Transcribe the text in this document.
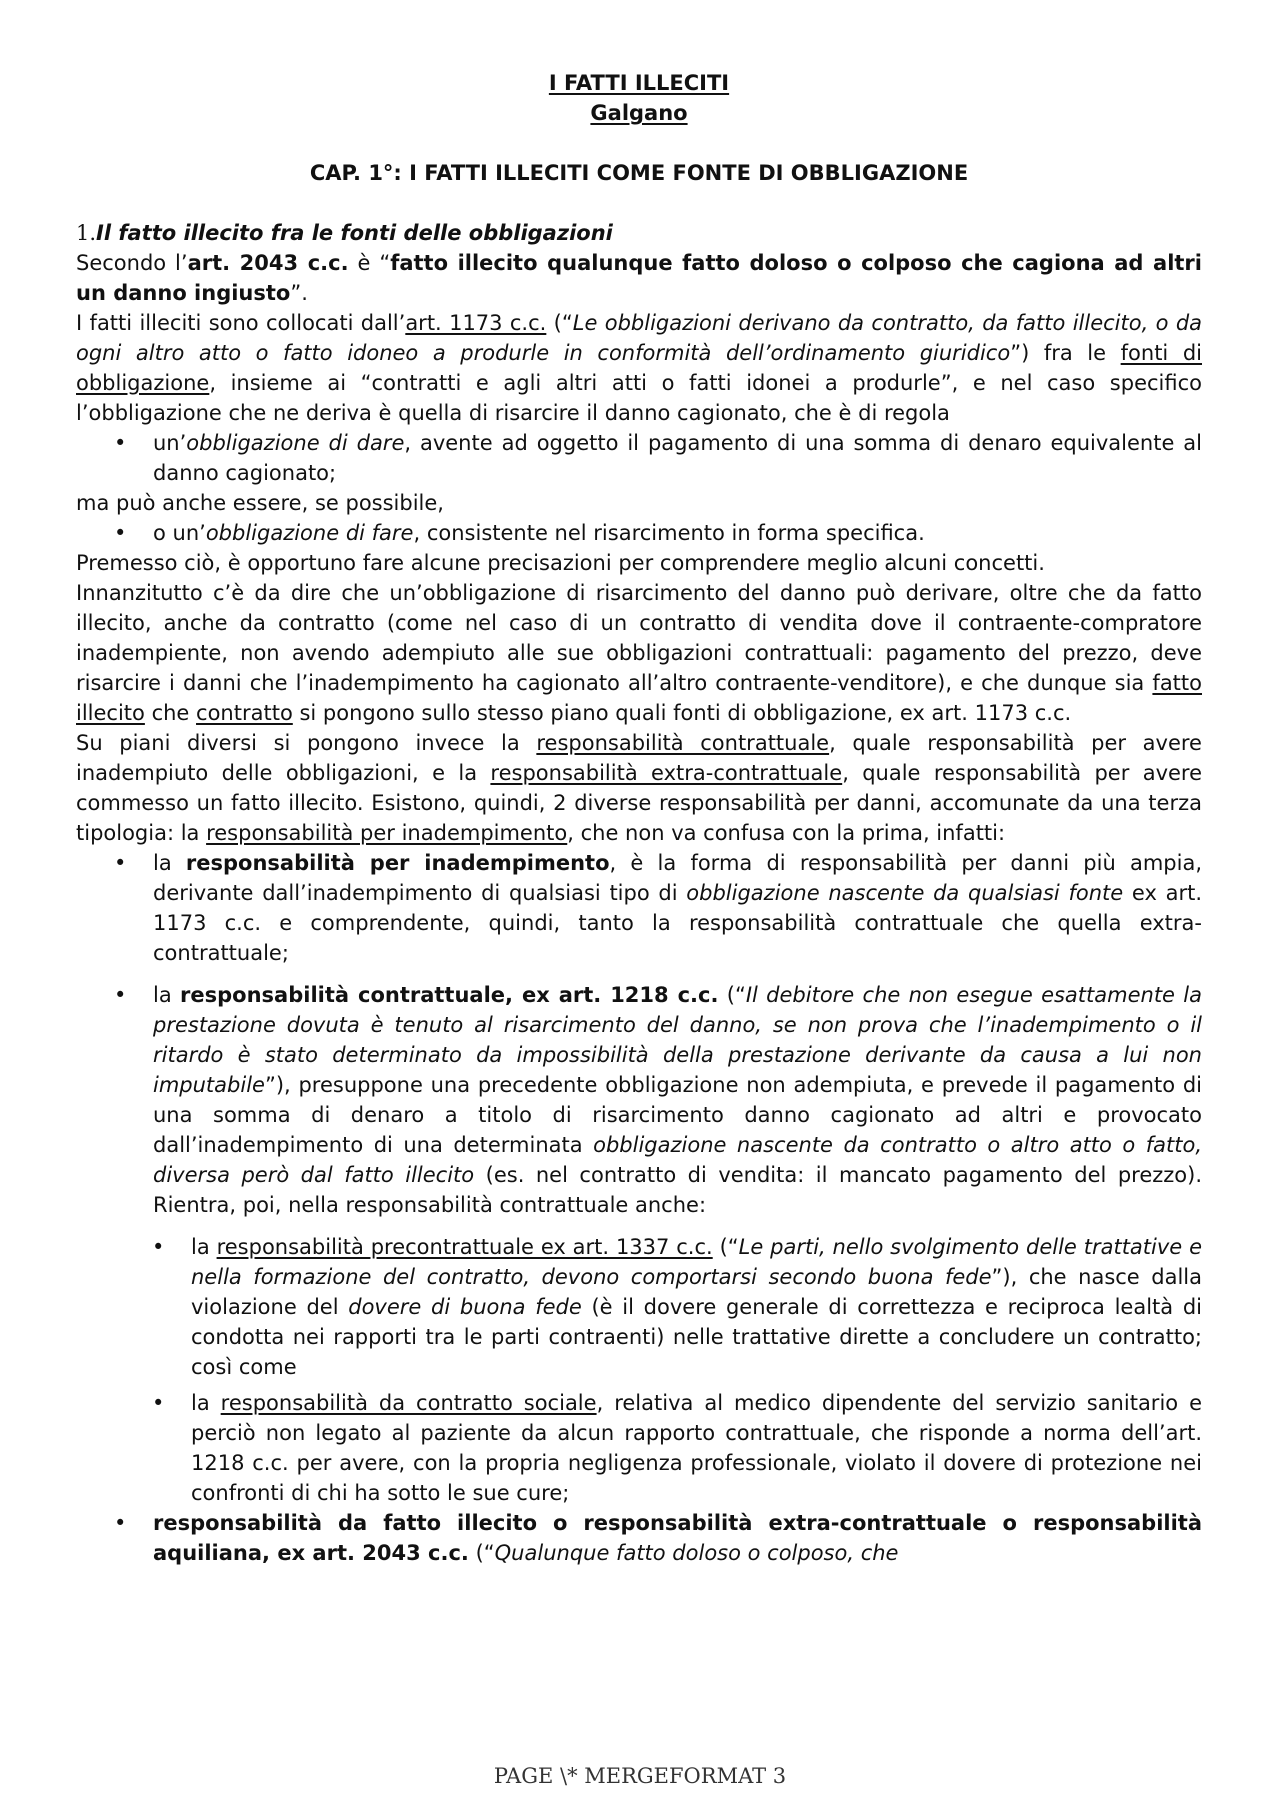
I FATTI ILLECITI
Galgano
CAP. 1°: I FATTI ILLECITI COME FONTE DI OBBLIGAZIONE

1.Il fatto illecito fra le fonti delle obbligazioni

Secondo l’art. 2043 c.c. è “fatto illecito qualunque fatto doloso o colposo che cagiona ad altri un danno ingiusto”.

I fatti illeciti sono collocati dall’art. 1173 c.c. (“Le obbligazioni derivano da contratto, da fatto illecito, o da ogni altro atto o fatto idoneo a produrle in conformità dell’ordinamento giuridico”) fra le fonti di obbligazione, insieme ai “contratti e agli altri atti o fatti idonei a produrle”, e nel caso specifico l’obbligazione che ne deriva è quella di risarcire il danno cagionato, che è di regola

• un’obbligazione di dare, avente ad oggetto il pagamento di una somma di denaro equivalente al danno cagionato;

ma può anche essere, se possibile,

• o un’obbligazione di fare, consistente nel risarcimento in forma specifica.

Premesso ciò, è opportuno fare alcune precisazioni per comprendere meglio alcuni concetti.

Innanzitutto c’è da dire che un’obbligazione di risarcimento del danno può derivare, oltre che da fatto illecito, anche da contratto (come nel caso di un contratto di vendita dove il contraente-compratore inadempiente, non avendo adempiuto alle sue obbligazioni contrattuali: pagamento del prezzo, deve risarcire i danni che l’inadempimento ha cagionato all’altro contraente-venditore), e che dunque sia fatto illecito che contratto si pongono sullo stesso piano quali fonti di obbligazione, ex art. 1173 c.c.

Su piani diversi si pongono invece la responsabilità contrattuale, quale responsabilità per avere inadempiuto delle obbligazioni, e la responsabilità extra-contrattuale, quale responsabilità per avere commesso un fatto illecito. Esistono, quindi, 2 diverse responsabilità per danni, accomunate da una terza tipologia: la responsabilità per inadempimento, che non va confusa con la prima, infatti:

• la responsabilità per inadempimento, è la forma di responsabilità per danni più ampia, derivante dall’inadempimento di qualsiasi tipo di obbligazione nascente da qualsiasi fonte ex art. 1173 c.c. e comprendente, quindi, tanto la responsabilità contrattuale che quella extra-contrattuale;
• la responsabilità contrattuale, ex art. 1218 c.c. (“Il debitore che non esegue esattamente la prestazione dovuta è tenuto al risarcimento del danno, se non prova che l’inadempimento o il ritardo è stato determinato da impossibilità della prestazione derivante da causa a lui non imputabile”), presuppone una precedente obbligazione non adempiuta, e prevede il pagamento di una somma di denaro a titolo di risarcimento danno cagionato ad altri e provocato dall’inadempimento di una determinata obbligazione nascente da contratto o altro atto o fatto, diversa però dal fatto illecito (es. nel contratto di vendita: il mancato pagamento del prezzo). Rientra, poi, nella responsabilità contrattuale anche:
• la responsabilità precontrattuale ex art. 1337 c.c. (“Le parti, nello svolgimento delle trattative e nella formazione del contratto, devono comportarsi secondo buona fede”), che nasce dalla violazione del dovere di buona fede (è il dovere generale di correttezza e reciproca lealtà di condotta nei rapporti tra le parti contraenti) nelle trattative dirette a concludere un contratto; così come
• la responsabilità da contratto sociale, relativa al medico dipendente del servizio sanitario e perciò non legato al paziente da alcun rapporto contrattuale, che risponde a norma dell’art. 1218 c.c. per avere, con la propria negligenza professionale, violato il dovere di protezione nei confronti di chi ha sotto le sue cure;
• responsabilità da fatto illecito o responsabilità extra-contrattuale o responsabilità aquiliana, ex art. 2043 c.c. (“Qualunque fatto doloso o colposo, che
PAGE \* MERGEFORMAT 3
